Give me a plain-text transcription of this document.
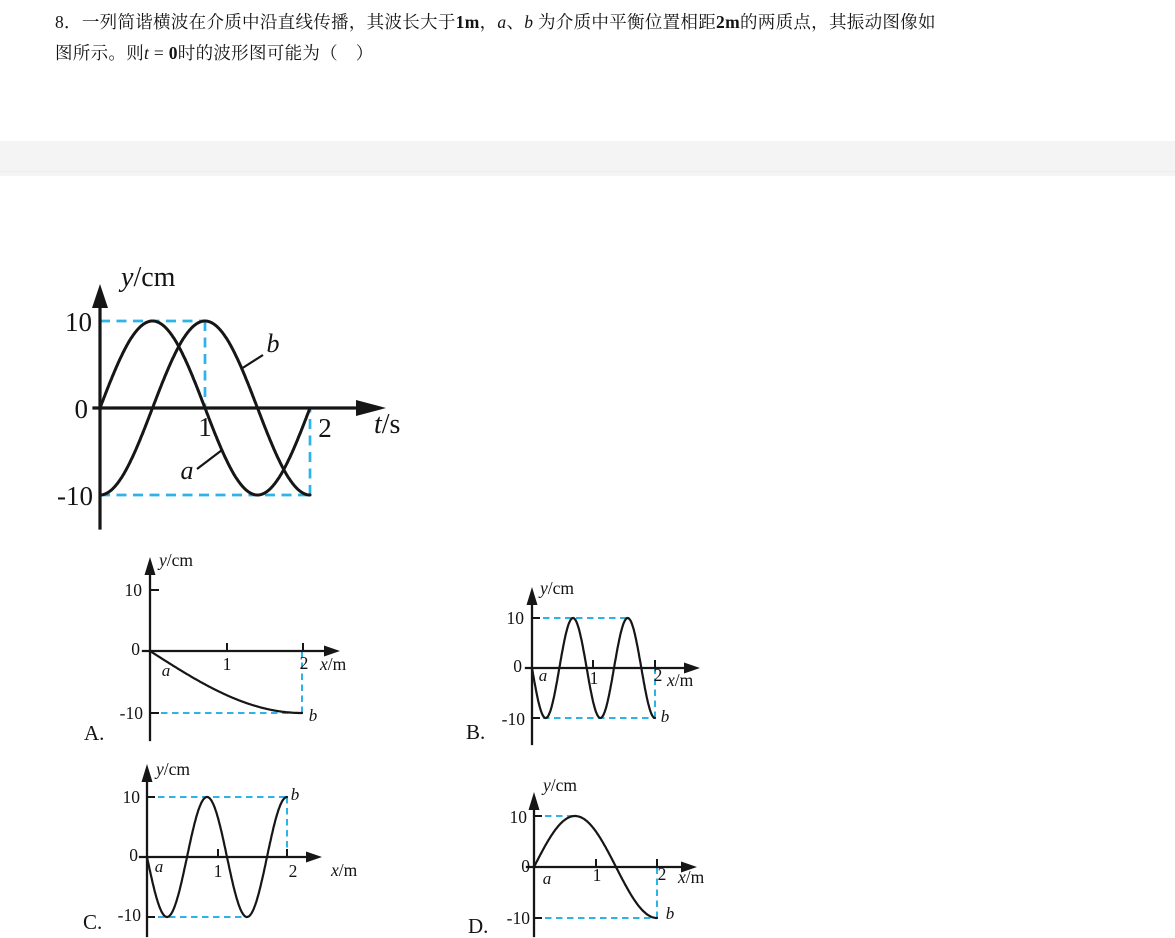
8．一列简谐横波在介质中沿直线传播，其波长大于1m，a、b 为介质中平衡位置相距2m的两质点，其振动图像如
图所示。则t = 0时的波形图可能为（　）
y/cm
t/s
10
0
-10
1	2
a
b
y/cm
x/m
10
0
-10
1	2
a
b
A.
y/cm
x/m
10
0
-10
1	2
a
b
B.
y/cm
x/m
10
0
-10
1	2
a
b
C.
y/cm
x/m
10
0
-10
1	2
a
b
D.
